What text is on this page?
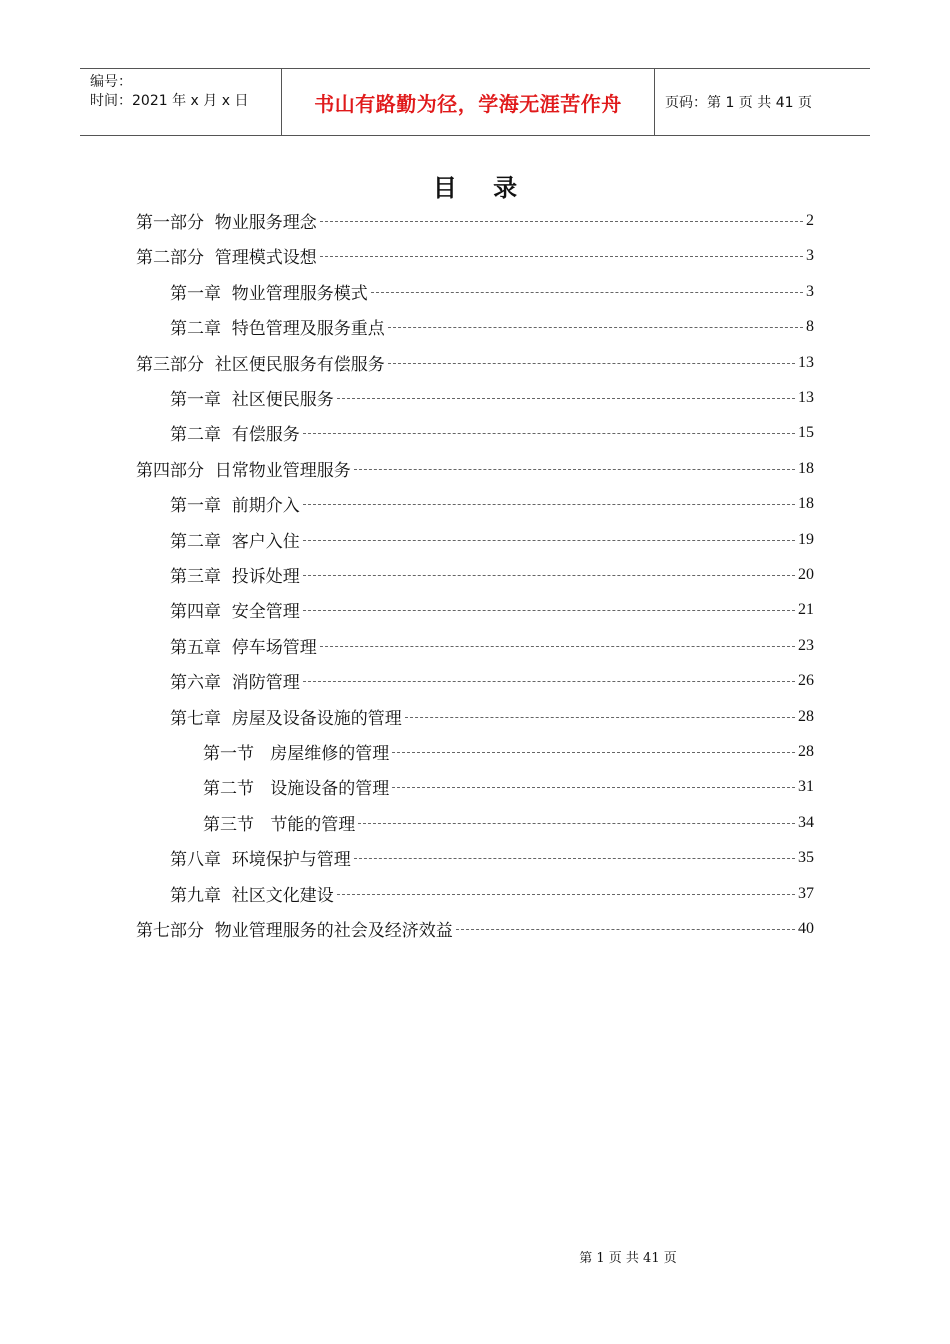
编号：
时间：2021 年 x 月 x 日	书山有路勤为径，学海无涯苦作舟	页码：第 1 页 共 41 页
目 录
第一部分  物业服务理念	2
第二部分  管理模式设想	3
第一章  物业管理服务模式	3
第二章  特色管理及服务重点	8
第三部分  社区便民服务有偿服务	13
第一章  社区便民服务	13
第二章  有偿服务	15
第四部分  日常物业管理服务	18
第一章  前期介入	18
第二章  客户入住	19
第三章  投诉处理	20
第四章  安全管理	21
第五章  停车场管理	23
第六章  消防管理	26
第七章  房屋及设备设施的管理	28
第一节   房屋维修的管理	28
第二节   设施设备的管理	31
第三节   节能的管理	34
第八章  环境保护与管理	35
第九章  社区文化建设	37
第七部分  物业管理服务的社会及经济效益	40
第 1 页 共 41 页
